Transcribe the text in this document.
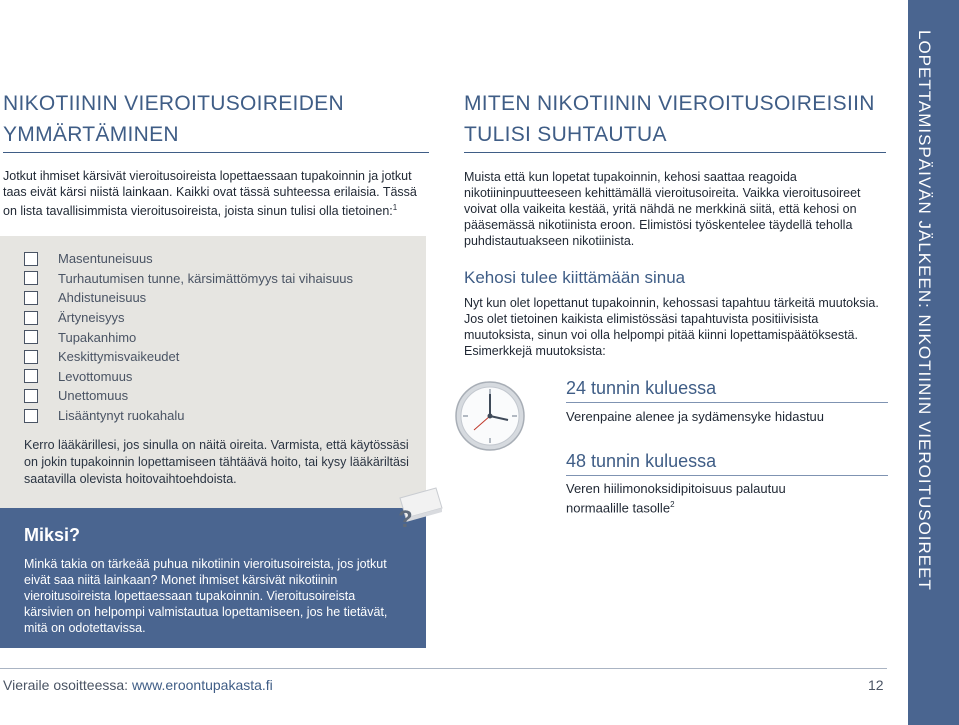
NIKOTIININ VIEROITUSOIREIDEN
YMMÄRTÄMINEN
Jotkut ihmiset kärsivät vieroitusoireista lopettaessaan tupakoinnin ja jotkut taas eivät kärsi niistä lainkaan. Kaikki ovat tässä suhteessa erilaisia. Tässä on lista tavallisimmista vieroitusoireista, joista sinun tulisi olla tietoinen:$^1$
Masentuneisuus
Turhautumisen tunne, kärsimättömyys tai vihaisuus
Ahdistuneisuus
Ärtyneisyys
Tupakanhimo
Keskittymisvaikeudet
Levottomuus
Unettomuus
Lisääntynyt ruokahalu
Kerro lääkärillesi, jos sinulla on näitä oireita. Varmista, että käytössäsi on jokin tupakoinnin lopettamiseen tähtäävä hoito, tai kysy lääkäriltäsi saatavilla olevista hoitovaihtoehdoista.
Miksi?
Minkä takia on tärkeää puhua nikotiinin vieroitusoireista, jos jotkut eivät saa niitä lainkaan? Monet ihmiset kärsivät nikotiinin vieroitusoireista lopettaessaan tupakoinnin. Vieroitusoireista kärsivien on helpompi valmistautua lopettamiseen, jos he tietävät, mitä on odotettavissa.
?
MITEN NIKOTIININ VIEROITUSOIREISIIN
TULISI SUHTAUTUA
Muista että kun lopetat tupakoinnin, kehosi saattaa reagoida nikotiininpuutteeseen kehittämällä vieroitusoireita. Vaikka vieroitusoireet voivat olla vaikeita kestää, yritä nähdä ne merkkinä siitä, että kehosi on pääsemässä nikotiinista eroon. Elimistösi työskentelee täydellä teholla puhdistautuakseen nikotiinista.
Kehosi tulee kiittämään sinua
Nyt kun olet lopettanut tupakoinnin, kehossasi tapahtuu tärkeitä muutoksia. Jos olet tietoinen kaikista elimistössäsi tapahtuvista positiivisista muutoksista, sinun voi olla helpompi pitää kiinni lopettamispäätöksestä. Esimerkkejä muutoksista:
24 tunnin kuluessa
Verenpaine alenee ja sydämensyke hidastuu
48 tunnin kuluessa
Veren hiilimonoksidipitoisuus palautuu normaalille tasolle$^2$
LOPETTAMISPÄIVÄN JÄLKEEN: NIKOTIININ VIEROITUSOIREET
Vieraile osoitteessa: www.eroontupakasta.fi	12
